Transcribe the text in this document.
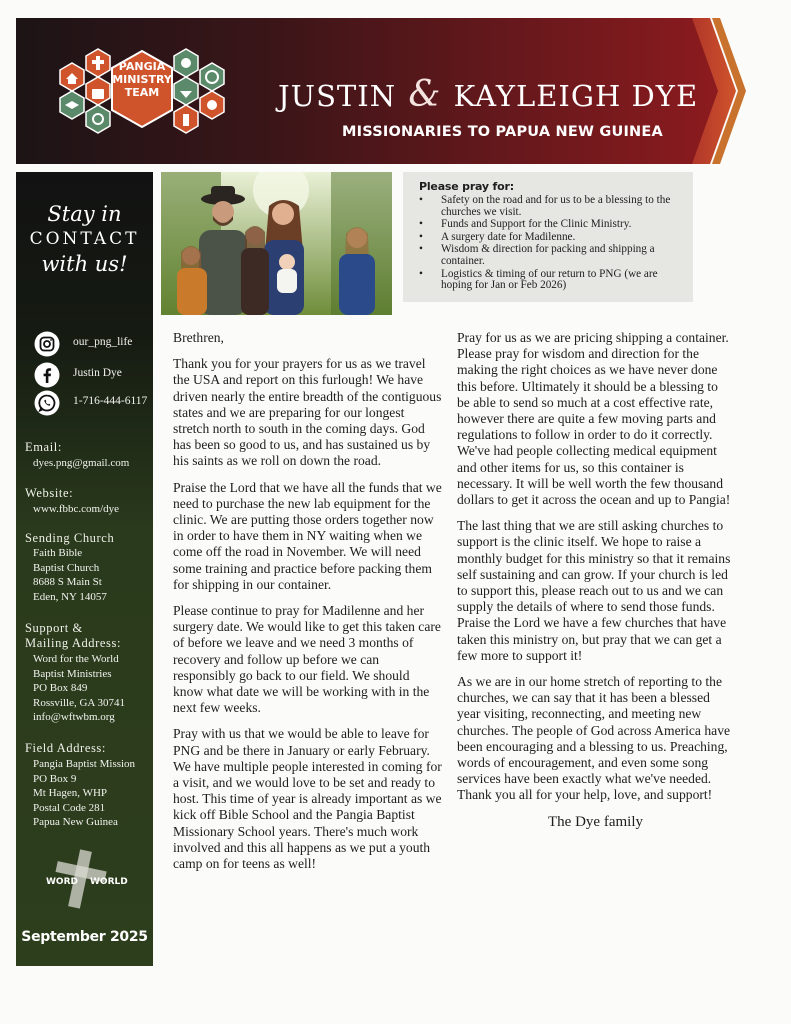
PANGIA MINISTRY TEAM	JUSTIN & KAYLEIGH DYE
MISSIONARIES TO PAPUA NEW GUINEA
Stay in
CONTACT
with us!
our_png_life
Justin Dye
1-716-444-6117
Email:
dyes.png@gmail.com
Website:
www.fbbc.com/dye
Sending Church
Faith Bible
Baptist Church
8688 S Main St
Eden, NY 14057
Support &
Mailing Address:
Word for the World
Baptist Ministries
PO Box 849
Rossville, GA 30741
info@wftwbm.org
Field Address:
Pangia Baptist Mission
PO Box 9
Mt Hagen, WHP
Postal Code 281
Papua New Guinea
WORD WORLD
September 2025
Please pray for:
• Safety on the road and for us to be a blessing to the churches we visit.
• Funds and Support for the Clinic Ministry.
• A surgery date for Madilenne.
• Wisdom & direction for packing and shipping a container.
• Logistics & timing of our return to PNG (we are hoping for Jan or Feb 2026)

Brethren,

Thank you for your prayers for us as we travel the USA and report on this furlough! We have driven nearly the entire breadth of the contiguous states and we are preparing for our longest stretch north to south in the coming days. God has been so good to us, and has sustained us by his saints as we roll on down the road.

Praise the Lord that we have all the funds that we need to purchase the new lab equipment for the clinic. We are putting those orders together now in order to have them in NY waiting when we come off the road in November. We will need some training and practice before packing them for shipping in our container.

Please continue to pray for Madilenne and her surgery date. We would like to get this taken care of before we leave and we need 3 months of recovery and follow up before we can responsibly go back to our field. We should know what date we will be working with in the next few weeks.

Pray with us that we would be able to leave for PNG and be there in January or early February. We have multiple people interested in coming for a visit, and we would love to be set and ready to host. This time of year is already important as we kick off Bible School and the Pangia Baptist Missionary School years. There's much work involved and this all happens as we put a youth camp on for teens as well!

Pray for us as we are pricing shipping a container. Please pray for wisdom and direction for the making the right choices as we have never done this before. Ultimately it should be a blessing to be able to send so much at a cost effective rate, however there are quite a few moving parts and regulations to follow in order to do it correctly. We've had people collecting medical equipment and other items for us, so this container is necessary. It will be well worth the few thousand dollars to get it across the ocean and up to Pangia!

The last thing that we are still asking churches to support is the clinic itself. We hope to raise a monthly budget for this ministry so that it remains self sustaining and can grow. If your church is led to support this, please reach out to us and we can supply the details of where to send those funds. Praise the Lord we have a few churches that have taken this ministry on, but pray that we can get a few more to support it!

As we are in our home stretch of reporting to the churches, we can say that it has been a blessed year visiting, reconnecting, and meeting new churches. The people of God across America have been encouraging and a blessing to us. Preaching, words of encouragement, and even some song services have been exactly what we've needed. Thank you all for your help, love, and support!

The Dye family
